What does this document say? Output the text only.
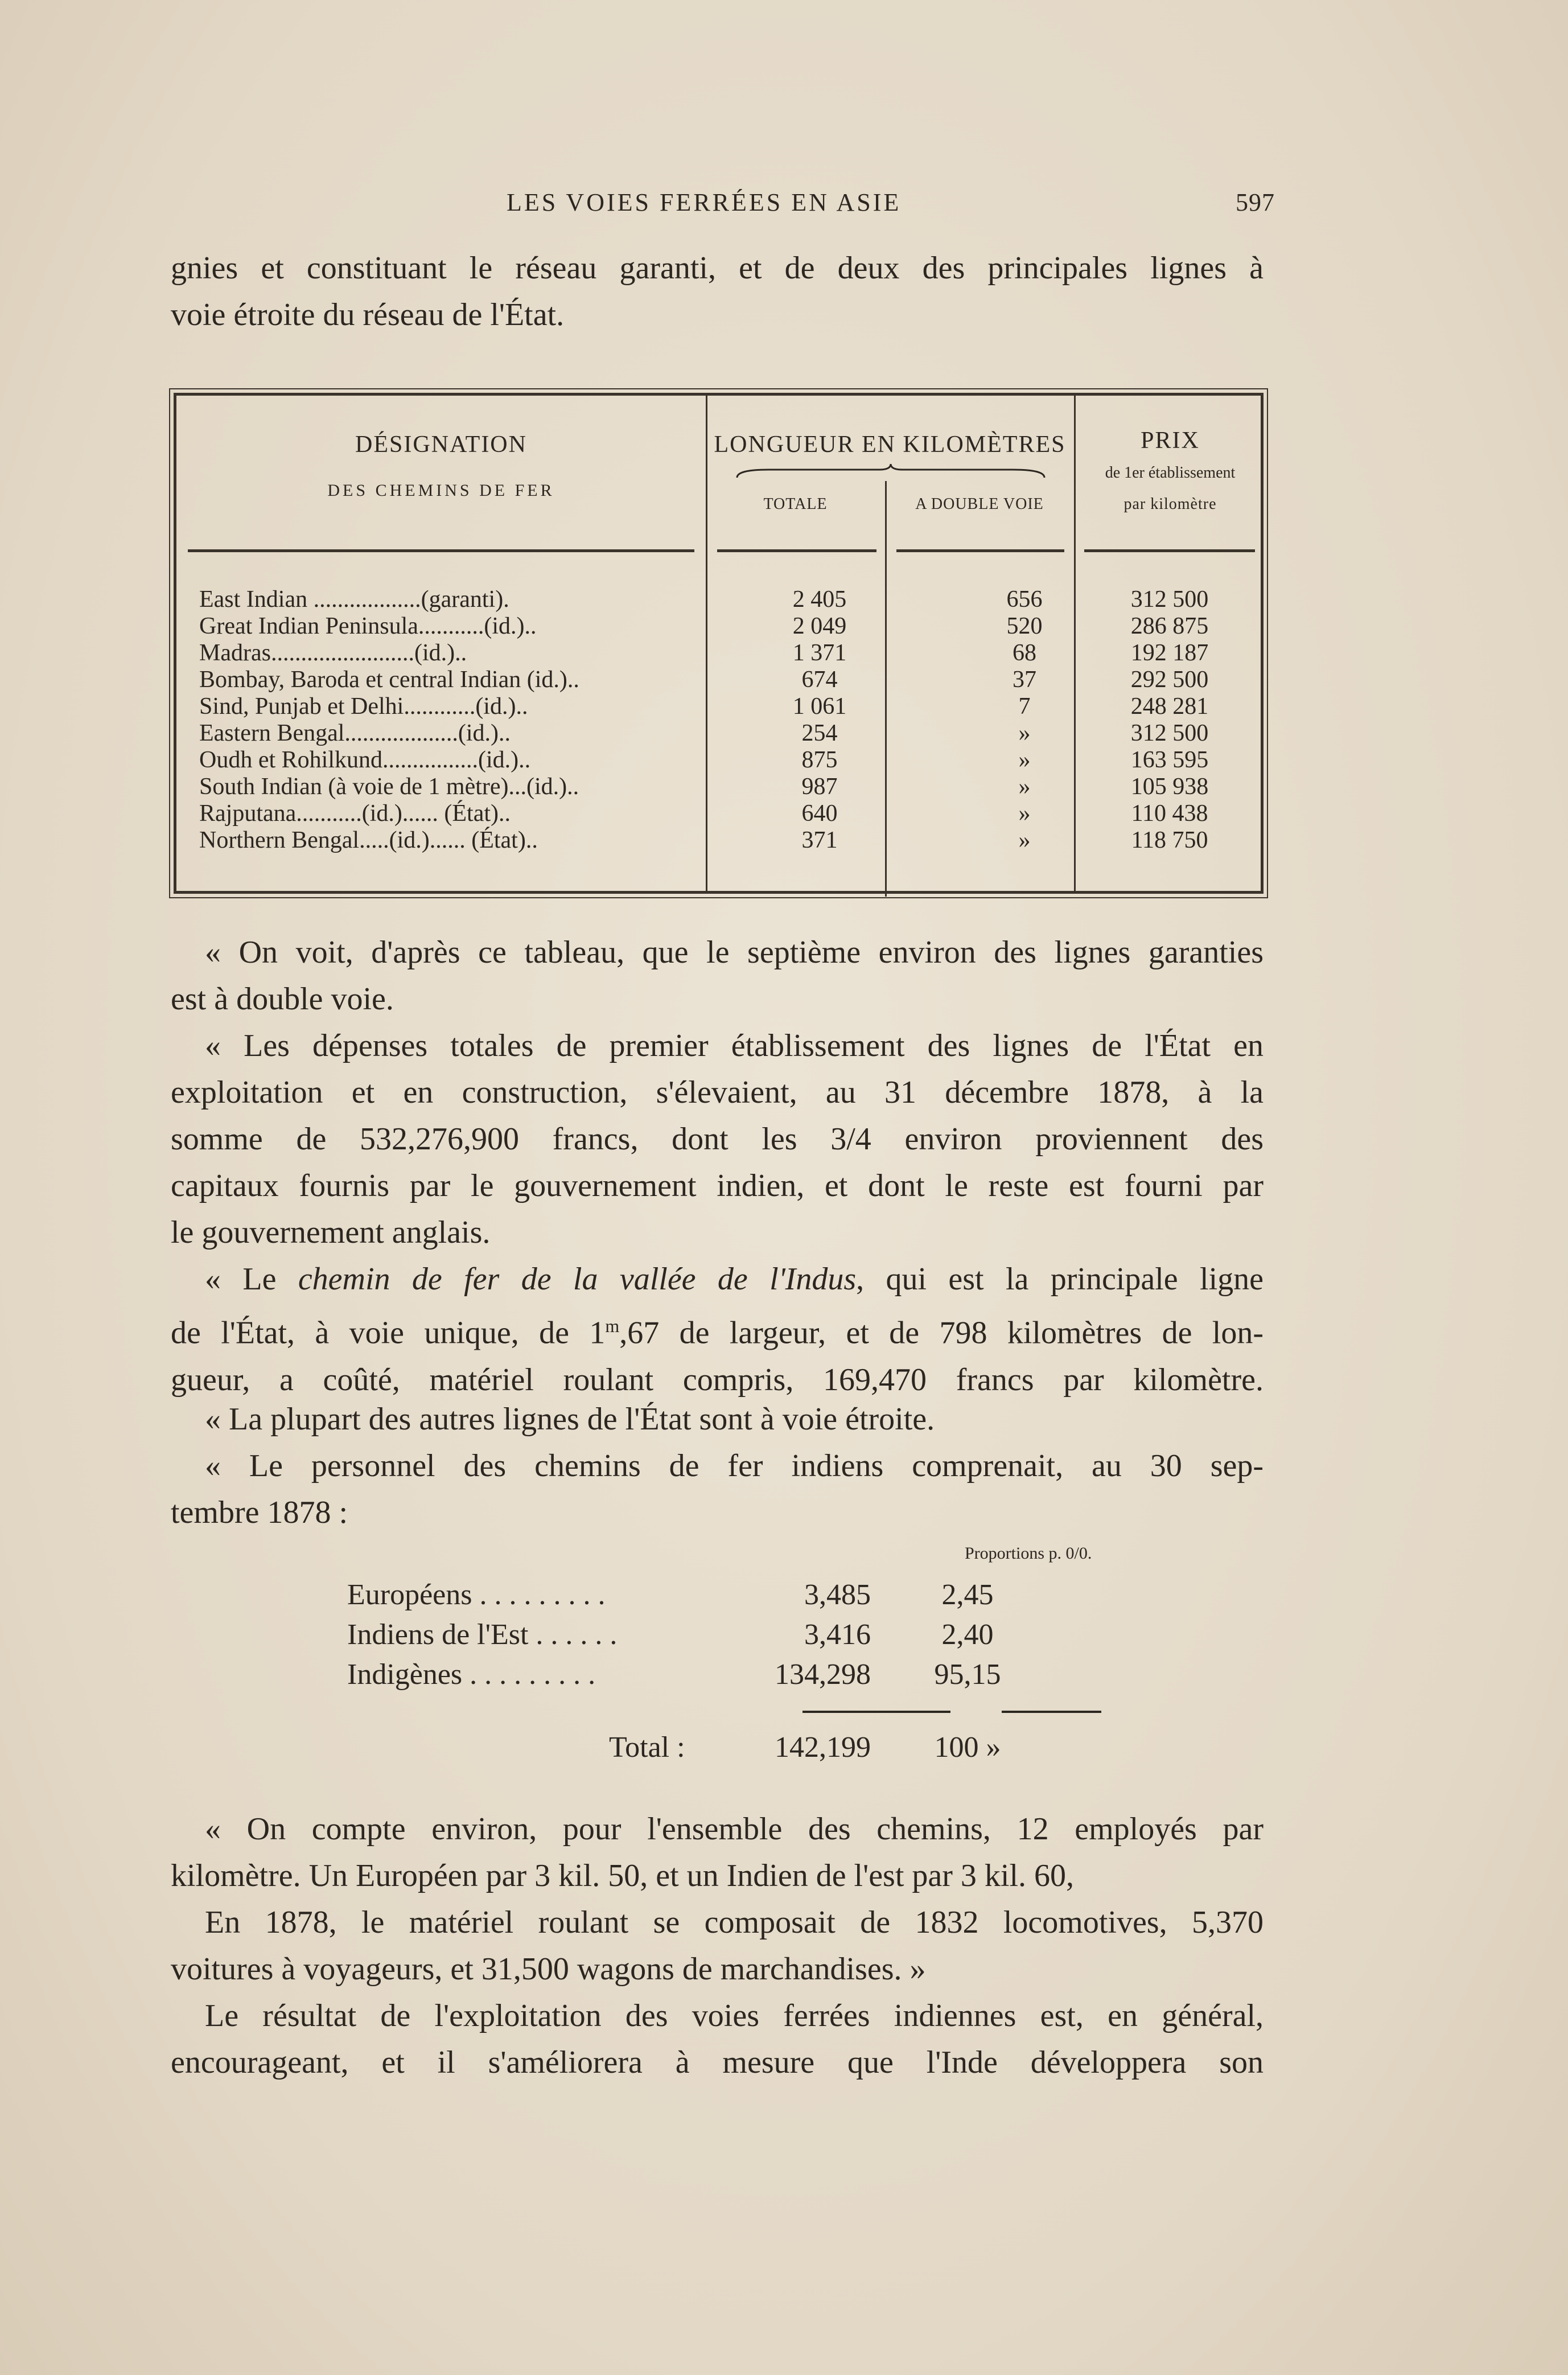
LES VOIES FERRÉES EN ASIE	597
gnies et constituant le réseau garanti, et de deux des principales lignes à
voie étroite du réseau de l'État.
DÉSIGNATION
DES CHEMINS DE FER
LONGUEUR EN KILOMÈTRES
TOTALE	A DOUBLE VOIE
PRIX
de 1er établissement
par kilomètre
East Indian ..................(garanti).	2 405	656	312 500
Great Indian Peninsula...........(id.)..	2 049	520	286 875
Madras........................(id.)..	1 371	68	192 187
Bombay, Baroda et central Indian (id.)..	674	37	292 500
Sind, Punjab et Delhi............(id.)..	1 061	7	248 281
Eastern Bengal...................(id.)..	254	»	312 500
Oudh et Rohilkund................(id.)..	875	»	163 595
South Indian (à voie de 1 mètre)...(id.)..	987	»	105 938
Rajputana...........(id.)...... (État)..	640	»	110 438
Northern Bengal.....(id.)...... (État)..	371	»	118 750
« On voit, d'après ce tableau, que le septième environ des lignes garanties
est à double voie.
« Les dépenses totales de premier établissement des lignes de l'État en
exploitation et en construction, s'élevaient, au 31 décembre 1878, à la
somme de 532,276,900 francs, dont les 3/4 environ proviennent des
capitaux fournis par le gouvernement indien, et dont le reste est fourni par
le gouvernement anglais.
« Le chemin de fer de la vallée de l'Indus, qui est la principale ligne
de l'État, à voie unique, de 1$^m$,67 de largeur, et de 798 kilomètres de lon-
gueur, a coûté, matériel roulant compris, 169,470 francs par kilomètre.
« La plupart des autres lignes de l'État sont à voie étroite.
« Le personnel des chemins de fer indiens comprenait, au 30 sep-
tembre 1878 :
Proportions p. 0/0.
Européens . . . . . . . . .	3,485	2,45
Indiens de l'Est . . . . . .	3,416	2,40
Indigènes . . . . . . . . .	134,298	95,15
Total :	142,199	100 »
« On compte environ, pour l'ensemble des chemins, 12 employés par
kilomètre. Un Européen par 3 kil. 50, et un Indien de l'est par 3 kil. 60,
En 1878, le matériel roulant se composait de 1832 locomotives, 5,370
voitures à voyageurs, et 31,500 wagons de marchandises. »
Le résultat de l'exploitation des voies ferrées indiennes est, en général,
encourageant, et il s'améliorera à mesure que l'Inde développera son
